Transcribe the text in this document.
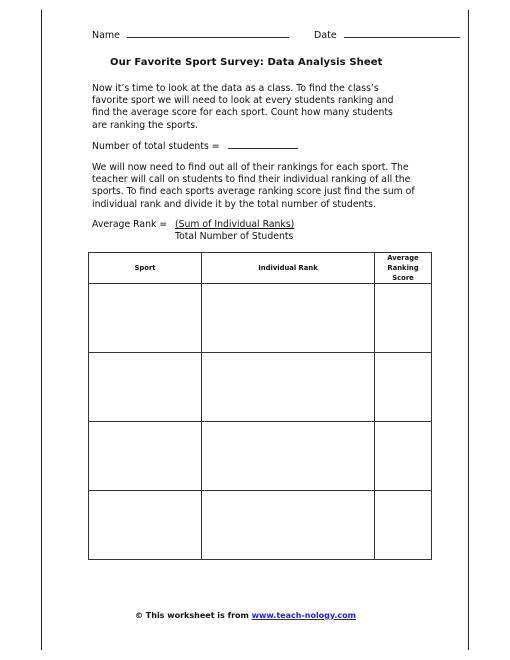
Name	Date
Our Favorite Sport Survey: Data Analysis Sheet
Now it’s time to look at the data as a class. To find the class’s favorite sport we will need to look at every students ranking and find the average score for each sport. Count how many students are ranking the sports.
Number of total students =
We will now need to find out all of their rankings for each sport. The teacher will call on students to find their individual ranking of all the sports. To find each sports average ranking score just find the sum of individual rank and divide it by the total number of students.
Average Rank = (Sum of Individual Ranks)
Total Number of Students
Sport	Individual Rank	Average Ranking Score

© This worksheet is from www.teach-nology.com
